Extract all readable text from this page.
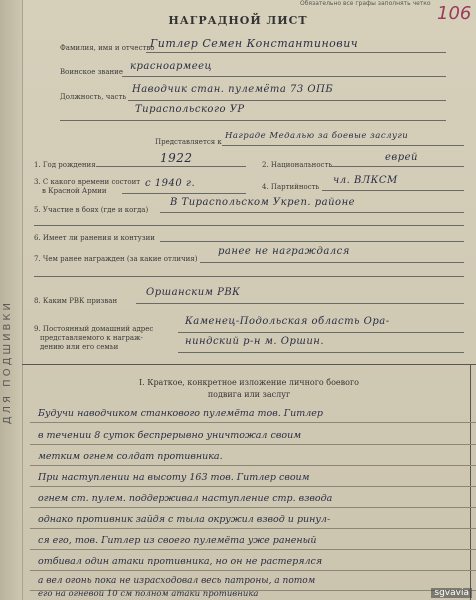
ДЛЯ ПОДШИВКИ
Обязательно все графы заполнять четко 106
НАГРАДНОЙ ЛИСТ
Фамилия, имя и отчество
Гитлер Семен Константинович
Воинское звание красноармеец
Должность, часть
Наводчик стан. пулемёта 73 ОПБ
Тираспольского УР
Представляется к
Награде Медалью за боевые заслуги
1. Год рождения	1922	2. Национальность
еврей
3. С какого времени состоит
в Красной Армии
с 1940 г.	4. Партийность
чл. ВЛКСМ
5. Участие в боях (где и когда)
В Тираспольском Укреп. районе
6. Имеет ли ранения и контузии
7. Чем ранее награжден (за какие отличия)
ранее не награждался
8. Каким РВК призван
Оршанским РВК
9. Постоянный домашний адрес
представляемого к награж-
дению или его семьи
Каменец-Подольская область Ора-
ниндский р-н м. Оршин.
I. Краткое, конкретное изложение личного боевого
подвига или заслуг
Будучи наводчиком станкового пулемёта тов. Гитлер
в течении 8 суток беспрерывно уничтожал своим
метким огнем солдат противника.
При наступлении на высоту 163 тов. Гитлер своим
огнем ст. пулем. поддерживал наступление стр. взвода
однако противник зайдя с тыла окружил взвод и ринул-
ся его, тов. Гитлер из своего пулемёта уже раненый
отбивал один атаки противника, но он не растерялся
а вел огонь пока не израсходовал весь патроны, а потом
его на огневой 10 см полном атаки противника	sgvavia
